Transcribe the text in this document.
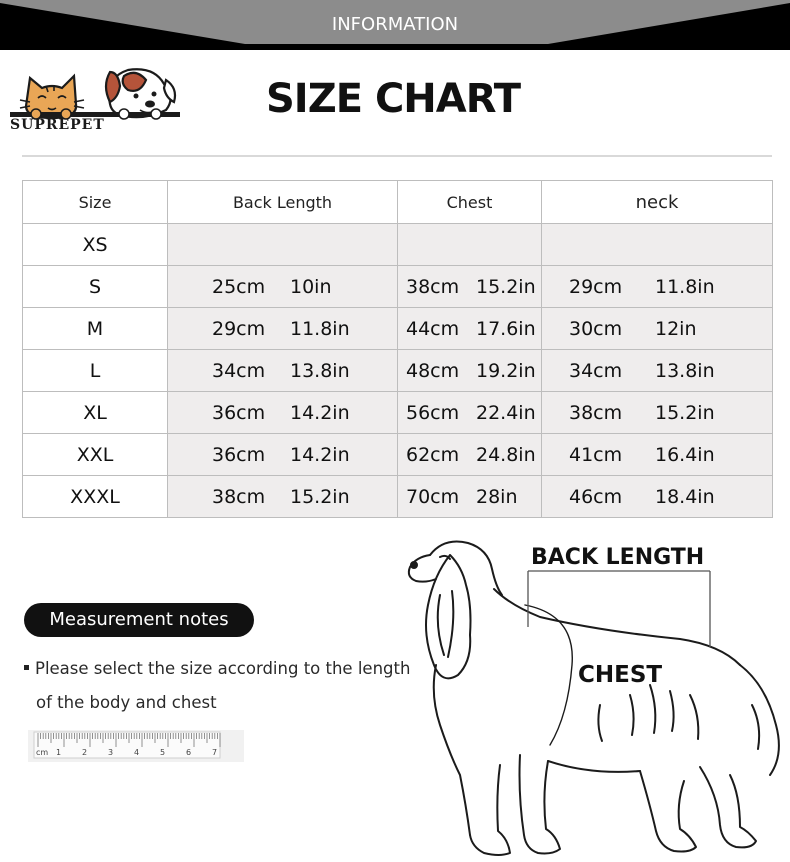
INFORMATION
SUPREPET
SIZE CHART
Size	Back Length	Chest	neck
XS	

S	25cm 10in	38cm 15.2in	29cm 11.8in

M	29cm 11.8in	44cm 17.6in	30cm 12in

L	34cm 13.8in	48cm 19.2in	34cm 13.8in

XL	36cm 14.2in	56cm 22.4in	38cm 15.2in

XXL	36cm 14.2in	62cm 24.8in	41cm 16.4in

XXXL	38cm 15.2in	70cm 28in	46cm 18.4in
Measurement notes
Please select the size according to the length
of the body and chest
cm 1	2	3	4	5	6	7
BACK LENGTH
CHEST
